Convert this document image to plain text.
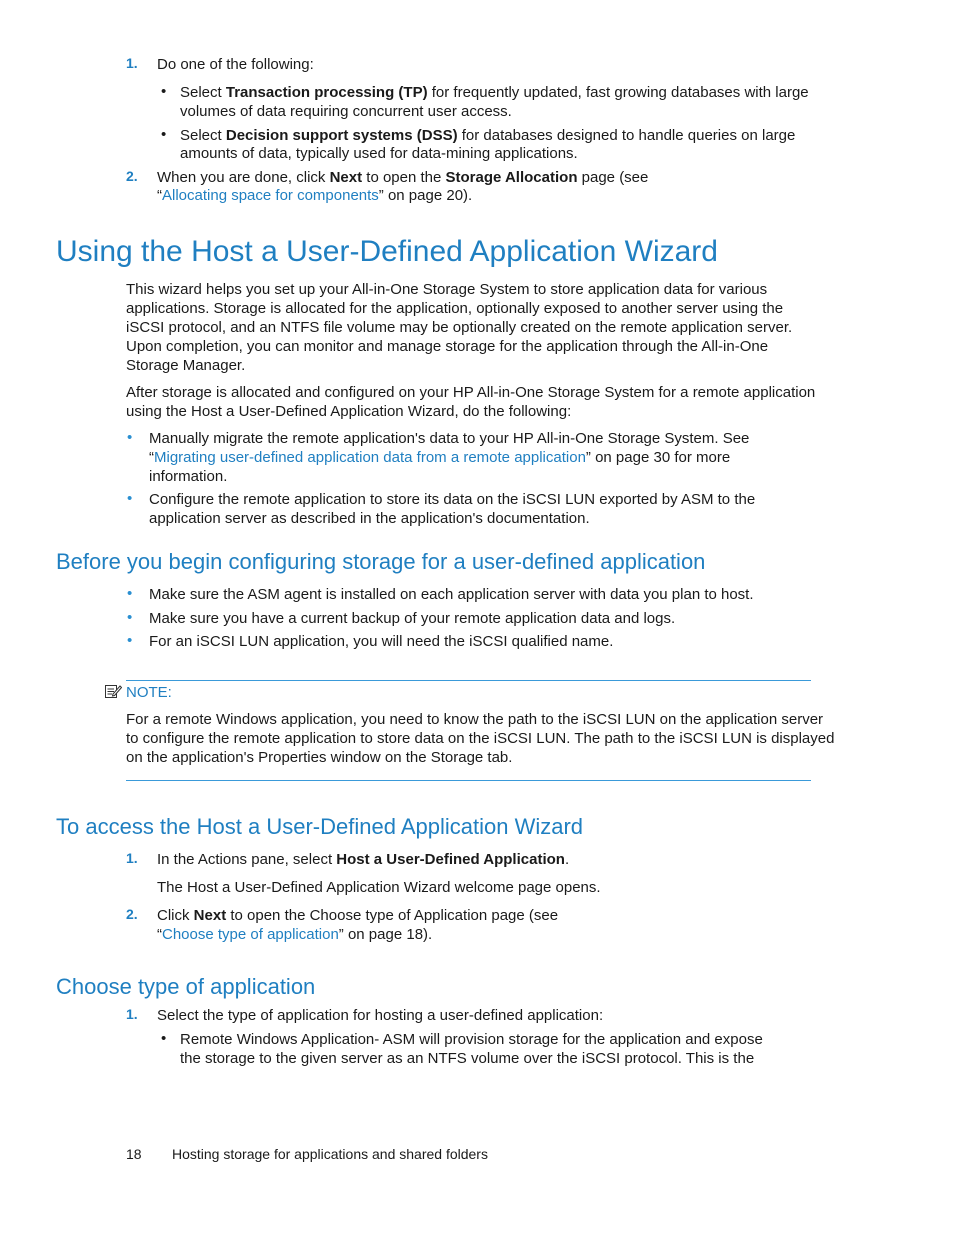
1. Do one of the following:
• Select Transaction processing (TP) for frequently updated, fast growing databases with large
volumes of data requiring concurrent user access.
• Select Decision support systems (DSS) for databases designed to handle queries on large
amounts of data, typically used for data-mining applications.
2. When you are done, click Next to open the Storage Allocation page (see
“Allocating space for components” on page 20).
Using the Host a User-Defined Application Wizard
This wizard helps you set up your All-in-One Storage System to store application data for various
applications. Storage is allocated for the application, optionally exposed to another server using the
iSCSI protocol, and an NTFS file volume may be optionally created on the remote application server.
Upon completion, you can monitor and manage storage for the application through the All-in-One
Storage Manager.
After storage is allocated and configured on your HP All-in-One Storage System for a remote application
using the Host a User-Defined Application Wizard, do the following:
• Manually migrate the remote application's data to your HP All-in-One Storage System. See
“Migrating user-defined application data from a remote application” on page 30 for more
information.
• Configure the remote application to store its data on the iSCSI LUN exported by ASM to the
application server as described in the application's documentation.
Before you begin configuring storage for a user-defined application
• Make sure the ASM agent is installed on each application server with data you plan to host.
• Make sure you have a current backup of your remote application data and logs.
• For an iSCSI LUN application, you will need the iSCSI qualified name.
NOTE:
For a remote Windows application, you need to know the path to the iSCSI LUN on the application server
to configure the remote application to store data on the iSCSI LUN. The path to the iSCSI LUN is displayed
on the application's Properties window on the Storage tab.
To access the Host a User-Defined Application Wizard
1. In the Actions pane, select Host a User-Defined Application.
The Host a User-Defined Application Wizard welcome page opens.
2. Click Next to open the Choose type of Application page (see
“Choose type of application” on page 18).
Choose type of application
1. Select the type of application for hosting a user-defined application:
• Remote Windows Application- ASM will provision storage for the application and expose
the storage to the given server as an NTFS volume over the iSCSI protocol. This is the
18 Hosting storage for applications and shared folders
